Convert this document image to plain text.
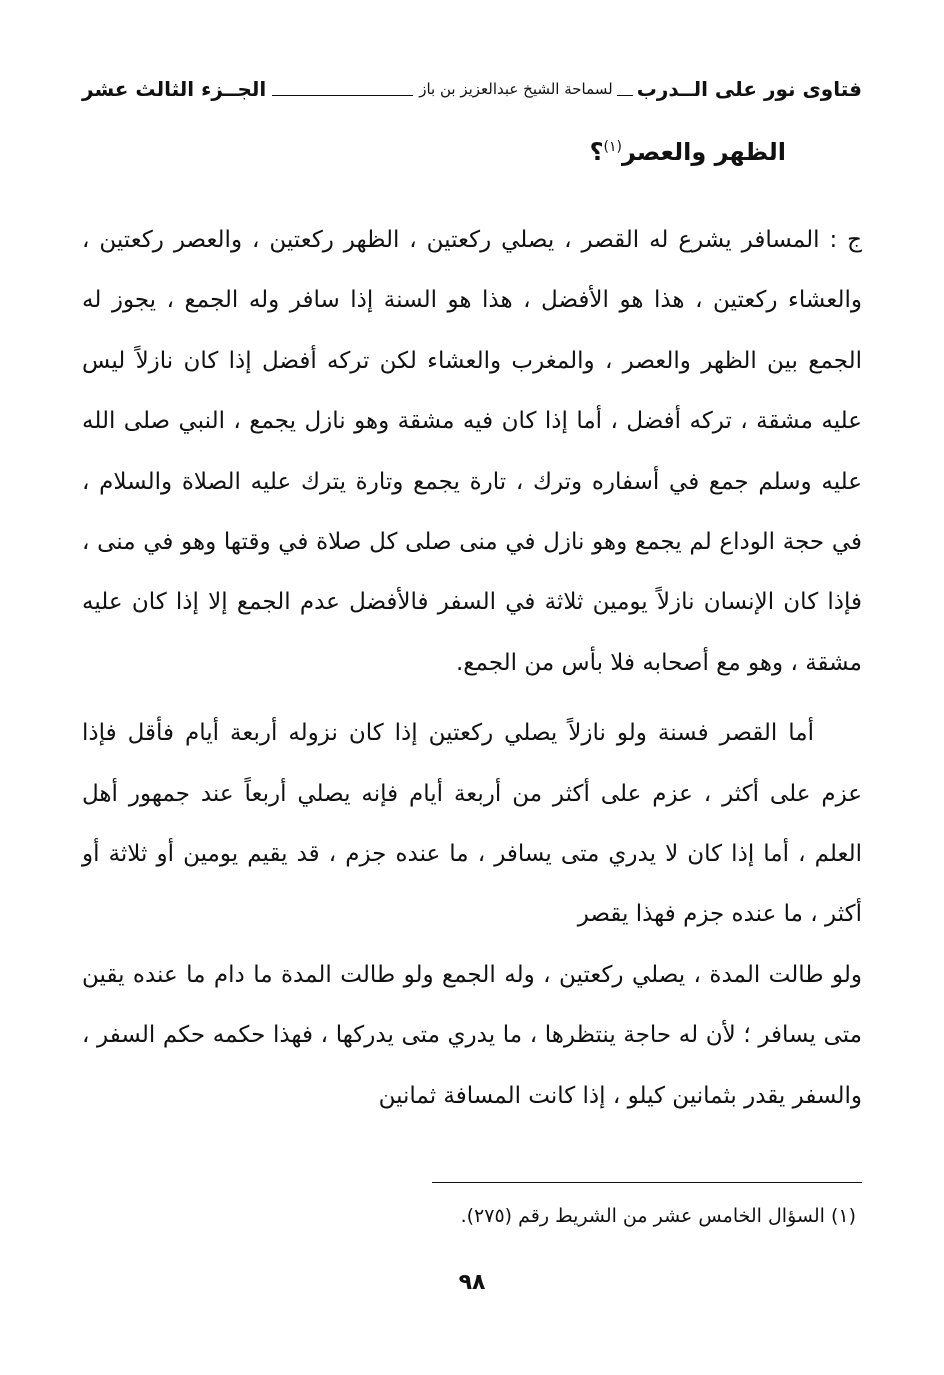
فتاوى نور على الــدرب
لسماحة الشيخ عبدالعزيز بن باز
الجــزء الثالث عشر
الظهر والعصر$^{(١)}$؟

ج : المسافر يشرع له القصر ، يصلي ركعتين ، الظهر ركعتين ، والعصر ركعتين ، والعشاء ركعتين ، هذا هو الأفضل ، هذا هو السنة إذا سافر وله الجمع ، يجوز له الجمع بين الظهر والعصر ، والمغرب والعشاء لكن تركه أفضل إذا كان نازلاً ليس عليه مشقة ، تركه أفضل ، أما إذا كان فيه مشقة وهو نازل يجمع ، النبي صلى الله عليه وسلم جمع في أسفاره وترك ، تارة يجمع وتارة يترك عليه الصلاة والسلام ، في حجة الوداع لم يجمع وهو نازل في منى صلى كل صلاة في وقتها وهو في منى ، فإذا كان الإنسان نازلاً يومين ثلاثة في السفر فالأفضل عدم الجمع إلا إذا كان عليه مشقة ، وهو مع أصحابه فلا بأس من الجمع.

أما القصر فسنة ولو نازلاً يصلي ركعتين إذا كان نزوله أربعة أيام فأقل فإذا عزم على أكثر ، عزم على أكثر من أربعة أيام فإنه يصلي أربعاً عند جمهور أهل العلم ، أما إذا كان لا يدري متى يسافر ، ما عنده جزم ، قد يقيم يومين أو ثلاثة أو أكثر ، ما عنده جزم فهذا يقصر

ولو طالت المدة ، يصلي ركعتين ، وله الجمع ولو طالت المدة ما دام ما عنده يقين متى يسافر ؛ لأن له حاجة ينتظرها ، ما يدري متى يدركها ، فهذا حكمه حكم السفر ، والسفر يقدر بثمانين كيلو ، إذا كانت المسافة ثمانين

(١) السؤال الخامس عشر من الشريط رقم (٢٧٥).
٩٨
